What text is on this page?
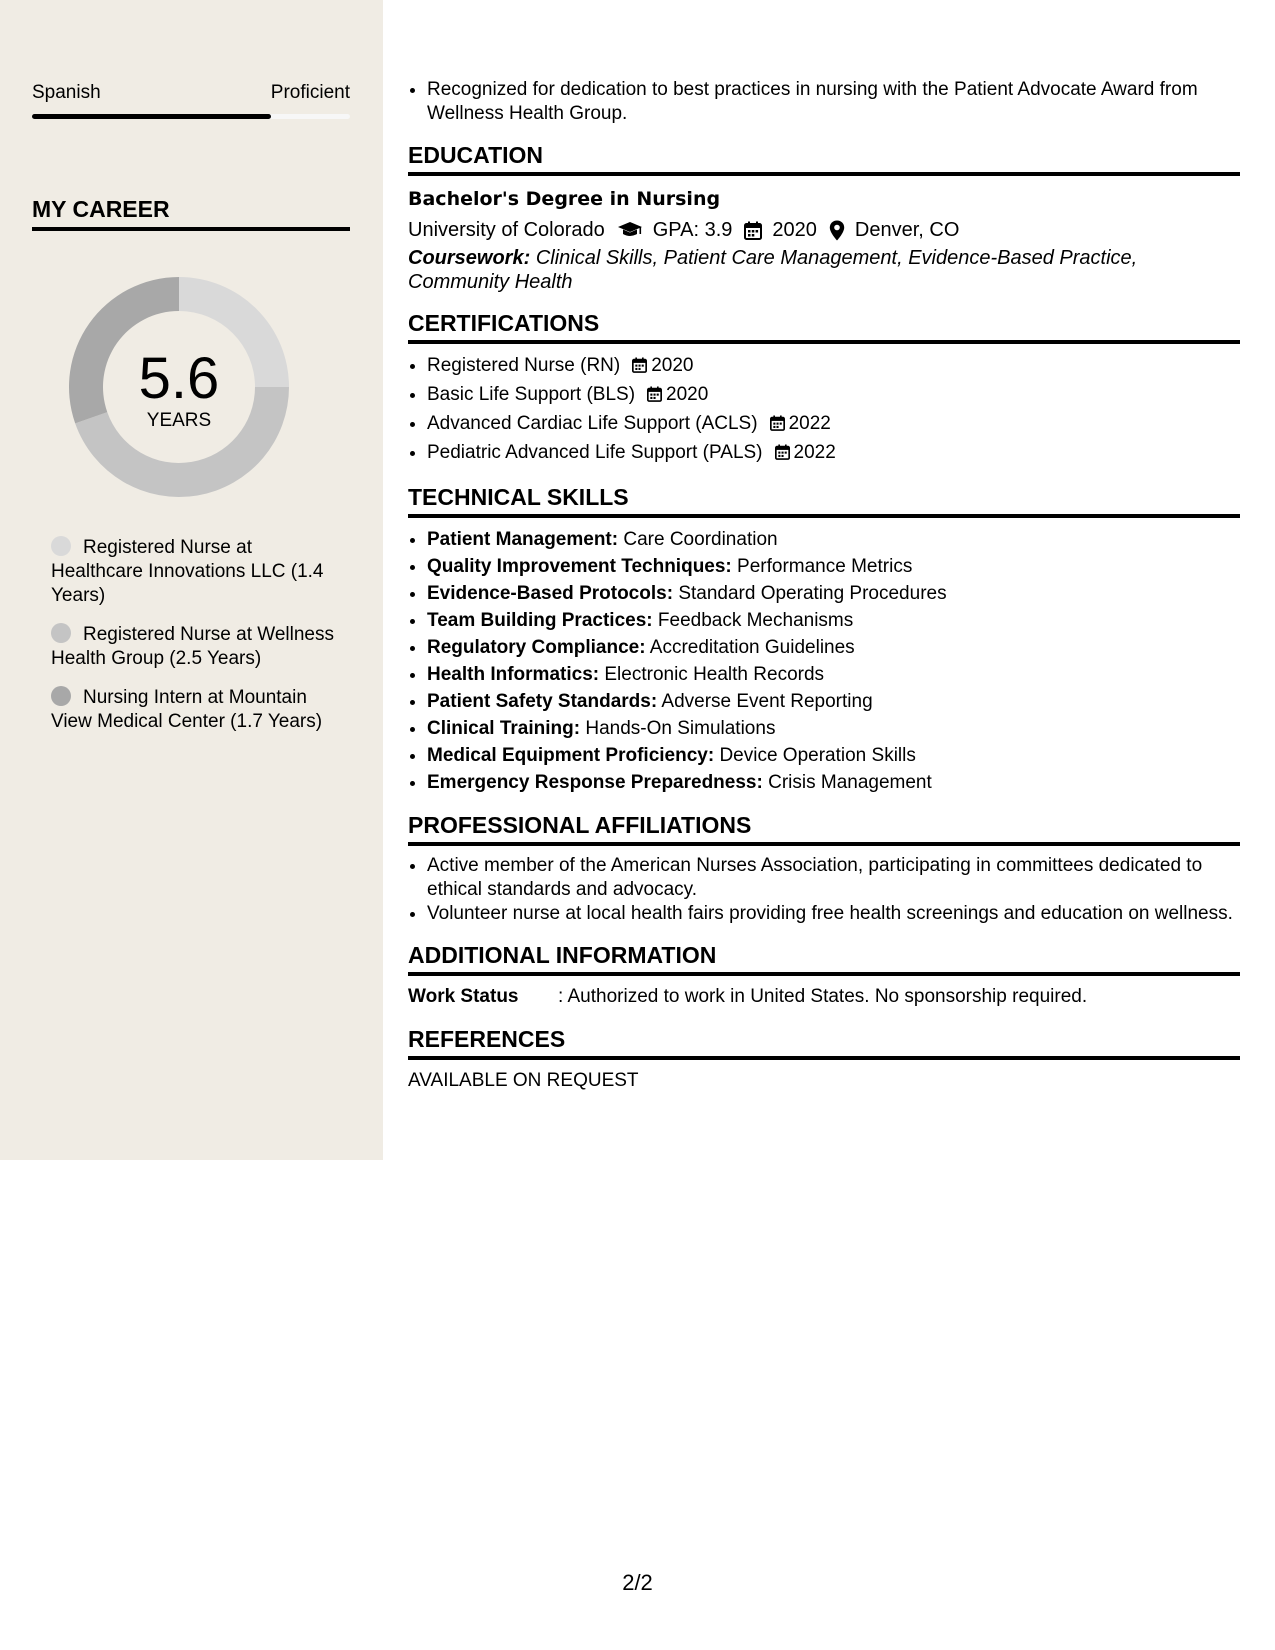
Spanish	Proficient
MY CAREER
5.6
YEARS
Registered Nurse at Healthcare Innovations LLC (1.4 Years)
Registered Nurse at Wellness Health Group (2.5 Years)
Nursing Intern at Mountain View Medical Center (1.7 Years)
• Recognized for dedication to best practices in nursing with the Patient Advocate Award from Wellness Health Group.
EDUCATION
Bachelor's Degree in Nursing
University of Colorado GPA: 3.9 2020 Denver, CO
Coursework: Clinical Skills, Patient Care Management, Evidence-Based Practice, Community Health
CERTIFICATIONS
• Registered Nurse (RN) 2020
• Basic Life Support (BLS) 2020
• Advanced Cardiac Life Support (ACLS) 2022
• Pediatric Advanced Life Support (PALS) 2022
TECHNICAL SKILLS
• Patient Management: Care Coordination
• Quality Improvement Techniques: Performance Metrics
• Evidence-Based Protocols: Standard Operating Procedures
• Team Building Practices: Feedback Mechanisms
• Regulatory Compliance: Accreditation Guidelines
• Health Informatics: Electronic Health Records
• Patient Safety Standards: Adverse Event Reporting
• Clinical Training: Hands-On Simulations
• Medical Equipment Proficiency: Device Operation Skills
• Emergency Response Preparedness: Crisis Management
PROFESSIONAL AFFILIATIONS
• Active member of the American Nurses Association, participating in committees dedicated to ethical standards and advocacy.
• Volunteer nurse at local health fairs providing free health screenings and education on wellness.
ADDITIONAL INFORMATION
Work Status	: Authorized to work in United States. No sponsorship required.
REFERENCES
AVAILABLE ON REQUEST
2/2
